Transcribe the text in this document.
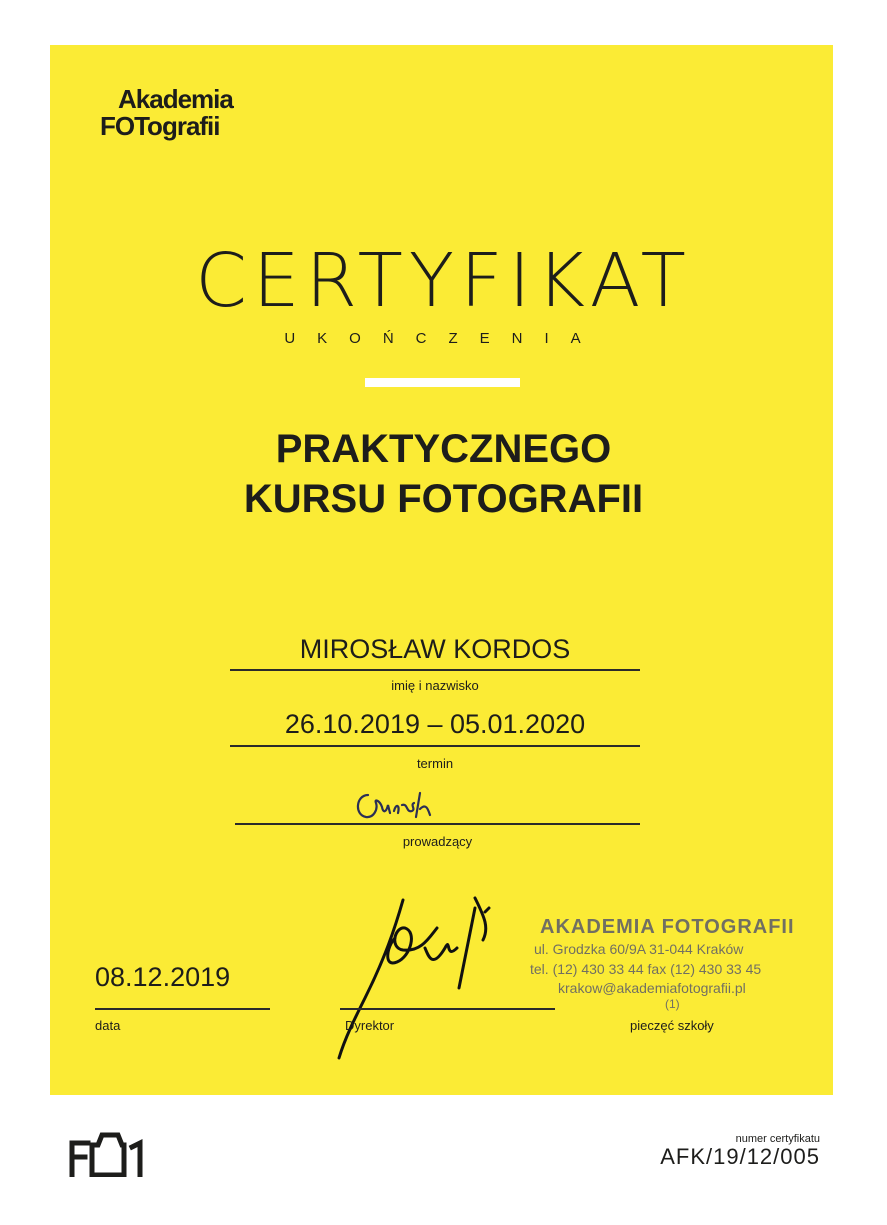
Akademia
FOTografii
CERTYFIKAT
UKOŃCZENIA
PRAKTYCZNEGO
KURSU FOTOGRAFII
MIROSŁAW KORDOS
imię i nazwisko
26.10.2019 – 05.01.2020
termin
prowadzący
08.12.2019
data	Dyrektor
AKADEMIA FOTOGRAFII
ul. Grodzka 60/9A 31-044 Kraków
tel. (12) 430 33 44 fax (12) 430 33 45
krakow@akademiafotografii.pl
(1)
pieczęć szkoły
numer certyfikatu
AFK/19/12/005
